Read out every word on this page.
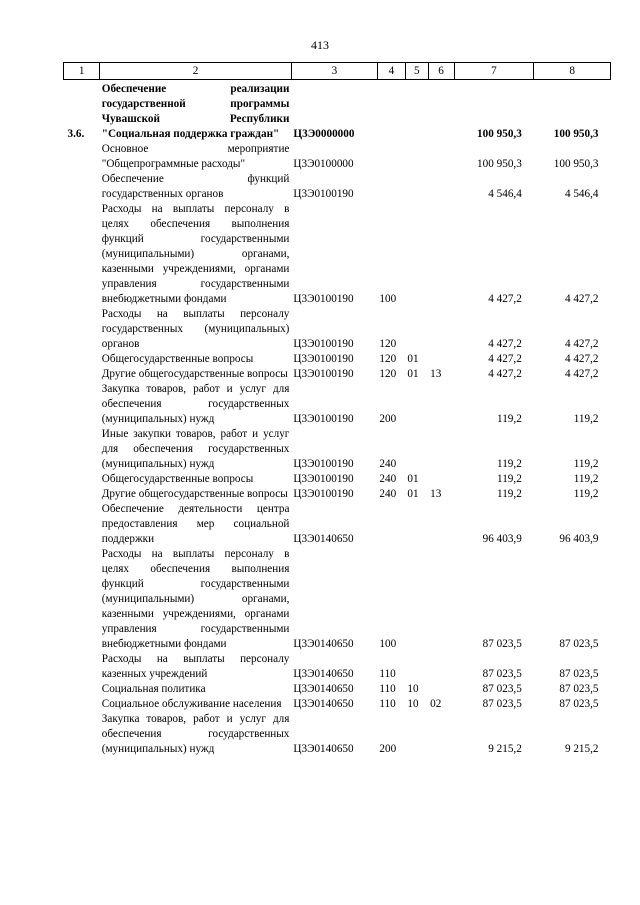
413
1	2	3	4	5	6	7	8
3.6.	Обеспечение реализации государственной программы Чувашской Республики "Социальная поддержка граждан"	Ц3Э0000000				100 950,3	100 950,3
	Основное мероприятие "Общепрограммные расходы"	Ц3Э0100000				100 950,3	100 950,3
	Обеспечение функций государственных органов	Ц3Э0100190				4 546,4	4 546,4
	Расходы на выплаты персоналу в целях обеспечения выполнения функций государственными (муниципальными) органами, казенными учреждениями, органами управления государственными внебюджетными фондами	Ц3Э0100190	100			4 427,2	4 427,2
	Расходы на выплаты персоналу государственных (муниципальных) органов	Ц3Э0100190	120			4 427,2	4 427,2
	Общегосударственные вопросы	Ц3Э0100190	120	01		4 427,2	4 427,2
	Другие общегосударственные вопросы	Ц3Э0100190	120	01	13	4 427,2	4 427,2
	Закупка товаров, работ и услуг для обеспечения государственных (муниципальных) нужд	Ц3Э0100190	200			119,2	119,2
	Иные закупки товаров, работ и услуг для обеспечения государственных (муниципальных) нужд	Ц3Э0100190	240			119,2	119,2
	Общегосударственные вопросы	Ц3Э0100190	240	01		119,2	119,2
	Другие общегосударственные вопросы	Ц3Э0100190	240	01	13	119,2	119,2
	Обеспечение деятельности центра предоставления мер социальной поддержки	Ц3Э0140650				96 403,9	96 403,9
	Расходы на выплаты персоналу в целях обеспечения выполнения функций государственными (муниципальными) органами, казенными учреждениями, органами управления государственными внебюджетными фондами	Ц3Э0140650	100			87 023,5	87 023,5
	Расходы на выплаты персоналу казенных учреждений	Ц3Э0140650	110			87 023,5	87 023,5
	Социальная политика	Ц3Э0140650	110	10		87 023,5	87 023,5
	Социальное обслуживание населения	Ц3Э0140650	110	10	02	87 023,5	87 023,5
	Закупка товаров, работ и услуг для обеспечения государственных (муниципальных) нужд	Ц3Э0140650	200			9 215,2	9 215,2
